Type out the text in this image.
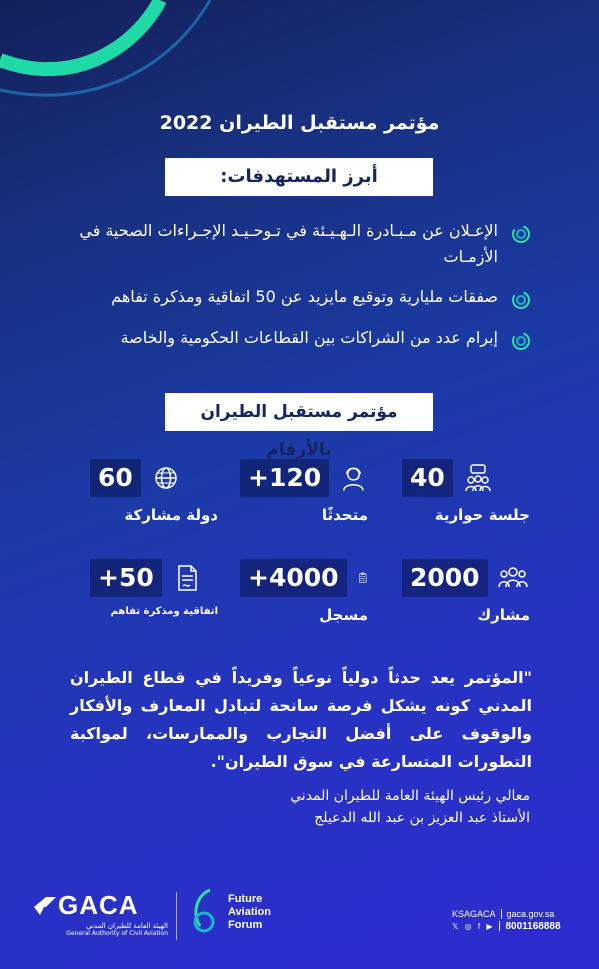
مؤتمر مستقبل الطيران 2022
أبرز المستهدفات:
الإعـلان عن مـبـادرة الـهـيـئة في تـوحـيـد الإجـراءات الصحية في الأزمـات
صفقات مليارية وتوقيع مايزيد عن 50 اتفاقية ومذكرة تفاهم
إبرام عدد من الشراكات بين القطاعات الحكومية والخاصة
مؤتمر مستقبل الطيران بالأرقام
40
جلسة حوارية
+120
متحدثًا
60
دولة مشاركة
2000
مشارك
+4000
مسجل
+50
اتفاقية ومذكرة تفاهم
"المؤتمر يعد حدثاً دولياً نوعياً وفريداً في قطاع الطيران المدني كونه يشكل فرصة سانحة لتبادل المعارف والأفكار والوقوف على أفضل التجارب والممارسات، لمواكبة التطورات المتسارعة في سوق الطيران".
معالي رئيس الهيئة العامة للطيران المدني
الأستاذ عبد العزيز بن عبد الله الدعيلج
GACA
الهيئة العامة للطيران المدني
General Authority of Civil Aviation
Future
Aviation
Forum
KSAGACA gaca.gov.sa
𝕏 ◎ f ▶ 8001168888
